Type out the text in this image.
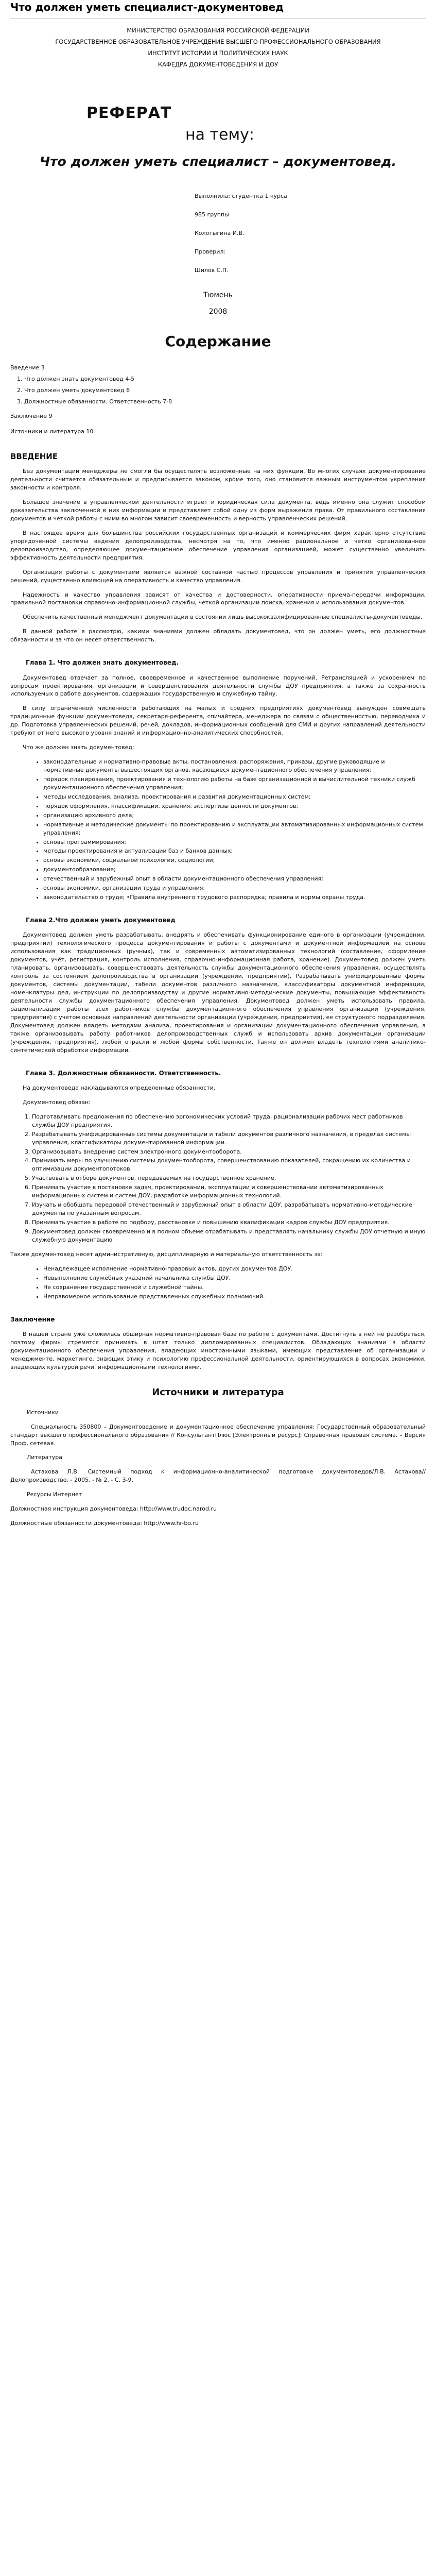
Что должен уметь специалист-документовед

МИНИСТЕРСТВО ОБРАЗОВАНИЯ РОССИЙСКОЙ ФЕДЕРАЦИИ

ГОСУДАРСТВЕННОЕ ОБРАЗОВАТЕЛЬНОЕ УЧРЕЖДЕНИЕ ВЫСШЕГО ПРОФЕССИОНАЛЬНОГО ОБРАЗОВАНИЯ

ИНСТИТУТ ИСТОРИИ И ПОЛИТИЧЕСКИХ НАУК

КАФЕДРА ДОКУМЕНТОВЕДЕНИЯ И ДОУ

РЕФЕРАТ

на тему:

Что должен уметь специалист – документовед.

Выполнила: студентка 1 курса

985 группы

Колотыгина И.В.

Проверил:

Шилов С.П.

Тюмень

2008

Содержание

Введение 3

1. Что должен знать документовед 4-5
2. Что должен уметь документовед 6
3. Должностные обязанности. Ответственность 7-8

Заключение 9

Источники и литература 10

ВВЕДЕНИЕ

Без документации менеджеры не смогли бы осуществлять возложенные на них функции. Во многих случаях документирование деятельности считается обязательным и предписывается законом, кроме того, оно становится важным инструментом укрепления законности и контроля.

Большое значение в управленческой деятельности играет и юридическая сила документа, ведь именно она служит способом доказательства заключенной в них информации и представляет собой одну из форм выражения права. От правильного составления документов и четкой работы с ними во многом зависит своевременность и верность управленческих решений.

В настоящее время для большинства российских государственных организаций и коммерческих фирм характерно отсутствие упорядоченной системы ведения делопроизводства, несмотря на то, что именно рациональное и четко организованное делопроизводство, определяющее документационное обеспечение управления организацией, может существенно увеличить эффективность деятельности предприятия.

Организация работы с документами является важной составной частью процессов управления и принятия управленческих решений, существенно влияющей на оперативность и качество управления.

Надежность и качество управления зависят от качества и достоверности, оперативности приема-передачи информации, правильной постановки справочно-информационной службы, четкой организации поиска, хранения и использования документов.

Обеспечить качественный менеджмент документации в состоянии лишь высококвалифицированные специалисты-документоведы.

В данной работе я рассмотрю, какими знаниями должен обладать документовед, что он должен уметь, его должностные обязанности и за что он несет ответственность.

Глава 1. Что должен знать документовед.

Документовед отвечает за полное, своевременное и качественное выполнение поручений. Ретрансляцией и ускорением по вопросам проектирования, организации и совершенствования деятельности службы ДОУ предприятия, а также за сохранность используемых в работе документов, содержащих государственную и служебную тайну.

В силу ограниченной численности работающих на малых и средних предприятиях документовед вынужден совмещать традиционные функции документоведа, секретаря-референта, спичайтера, менеджера по связям с общественностью, переводчика и др. Подготовка управленческих решений, речей, докладов, информационных сообщений для СМИ и других направлений деятельности требуют от него высокого уровня знаний и информационно-аналитических способностей.

Что же должен знать документовед:

• законодательные и нормативно-правовые акты, постановления, распоряжения, приказы, другие руководящие и нормативные документы вышестоящих органов, касающиеся документационного обеспечения управления;
• порядок планирования, проектирования и технологию работы на базе организационной и вычислительной техники служб документационного обеспечения управления;
• методы исследования, анализа, проектирования и развития документационных систем;
• порядок оформления, классификации, хранения, экспертизы ценности документов;
• организацию архивного дела;
• нормативные и методические документы по проектированию и эксплуатации автоматизированных информационных систем управления;
• основы программирования;
• методы проектирования и актуализации баз и банков данных;
• основы экономики, социальной психологии, социологии;
• документообразование;
• отечественный и зарубежный опыт в области документационного обеспечения управления;
• основы экономики, организации труда и управления;
• законодательство о труде; •Правила внутреннего трудового распорядка; правила и нормы охраны труда.
Глава 2.Что должен уметь документовед

Документовед должен уметь разрабатывать, внедрять и обеспечивать функционирование единого в организации (учреждении, предприятии) технологического процесса документирования и работы с документами и документной информацией на основе использования как традиционных (ручных), так и современных автоматизированных технологий (составление, оформление документов, учёт, регистрация, контроль исполнения, справочно-информационная работа, хранение). Документовед должен уметь планировать, организовывать, совершенствовать деятельность службы документационного обеспечения управления, осуществлять контроль за состоянием делопроизводства в организации (учреждении, предприятии). Разрабатывать унифицированные формы документов, системы документации, табели документов различного назначения, классификаторы документной информации, номенклатуры дел, инструкции по делопроизводству и другие нормативно-методические документы, повышающие эффективность деятельности службы документационного обеспечения управления. Документовед должен уметь использовать правила, рационализации работы всех работников службы документационного обеспечения управления организации (учреждения, предприятия) с учетом основных направлений деятельности организации (учреждения, предприятия), ее структурного подразделения. Документовед должен владеть методами анализа, проектирования и организации документационного обеспечения управления, а также организовывать работу работников делопроизводственных служб и использовать архив документации организации (учреждения, предприятия), любой отрасли и любой формы собственности. Также он должен владеть технологиями аналитико-синтетической обработки информации.

Глава 3. Должностные обязанности. Ответственность.

На документоведа накладываются определенные обязанности.

Документовед обязан:

1. Подготавливать предложения по обеспечению эргономических условий труда, рационализации рабочих мест работников службы ДОУ предприятия.
2. Разрабатывать унифицированные системы документации и табели документов различного назначения, в пределах системы управления, классификаторы документированной информации.
3. Организовывать внедрение систем электронного документооборота.
4. Принимать меры по улучшению системы документооборота, совершенствованию показателей, сокращению их количества и оптимизации документопотоков.
5. Участвовать в отборе документов, передаваемых на государственное хранение.
6. Принимать участие в постановке задач, проектировании, эксплуатации и совершенствовании автоматизированных информационных систем и систем ДОУ, разработке информационных технологий.
7. Изучать и обобщать передовой отечественный и зарубежный опыт в области ДОУ, разрабатывать нормативно-методические документы по указанным вопросам.
8. Принимать участие в работе по подбору, расстановке и повышению квалификации кадров службы ДОУ предприятия.
9. Документовед должен своевременно и в полном объеме отрабатывать и представлять начальнику службы ДОУ отчетную и иную служебную документацию

Также документовед несет административную, дисциплинарную и материальную ответственность за:

• Ненадлежащее исполнение нормативно-правовых актов, других документов ДОУ.
• Невыполнение служебных указаний начальника службы ДОУ.
• Не сохранение государственной и служебной тайны.
• Неправомерное использование представленных служебных полномочий.
Заключение

В нашей стране уже сложилась обширная нормативно-правовая база по работе с документами. Достигнуть в ней не разобраться, поэтому фирмы стремятся принимать в штат только дипломированных специалистов. Обладающих знаниями в области документационного обеспечения управления, владеющих иностранными языками, имеющих представление об организации и менеджменте, маркетинге, знающих этику и психологию профессиональной деятельности, ориентирующихся в вопросах экономики, владеющих культурой речи, информационными технологиями.

Источники и литература

Источники

Специальность 350800 – Документоведение и документационное обеспечение управления: Государственный образовательный стандарт высшего профессионального образования // КонсультантПлюс [Электронный ресурс]: Справочная правовая система. – Версия Проф, сетевая.

Литература

Астахова Л.В. Системный подход к информационно-аналитической подготовке документоведов/Л.В. Астахова//Делопроизводство. - 2005. - № 2. - С. 3-9.

Ресурсы Интернет

Должностная инструкция документоведа: http://www.trudoc.narod.ru

Должностные обязанности документоведа: http://www.hr-bo.ru
